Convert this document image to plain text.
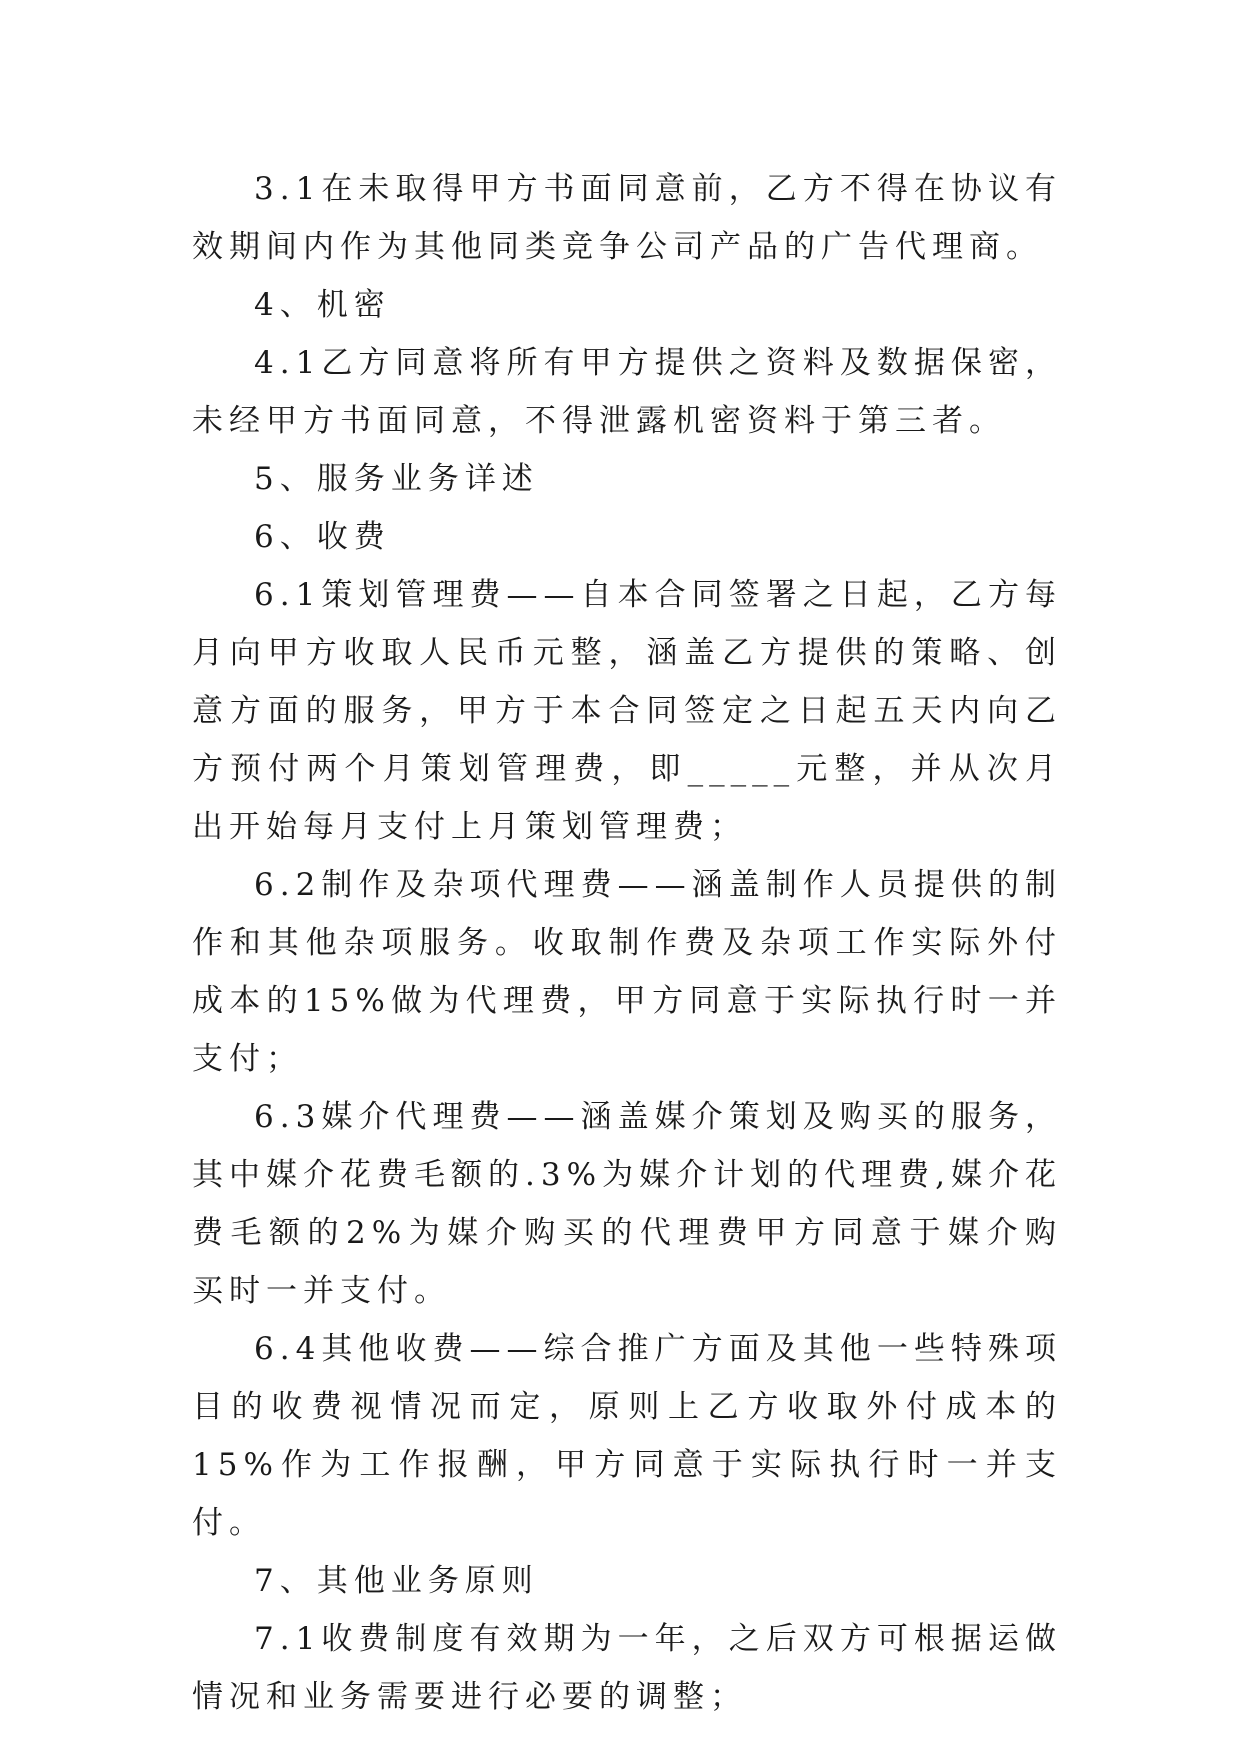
3.1在未取得甲方书面同意前，乙方不得在协议有效期间内作为其他同类竞争公司产品的广告代理商。

4、机密

4.1乙方同意将所有甲方提供之资料及数据保密，未经甲方书面同意，不得泄露机密资料于第三者。

5、服务业务详述

6、收费

6.1策划管理费——自本合同签署之日起，乙方每月向甲方收取人民币元整，涵盖乙方提供的策略、创意方面的服务，甲方于本合同签定之日起五天内向乙方预付两个月策划管理费，即_____元整，并从次月出开始每月支付上月策划管理费；

6.2制作及杂项代理费——涵盖制作人员提供的制作和其他杂项服务。收取制作费及杂项工作实际外付成本的15%做为代理费，甲方同意于实际执行时一并支付；

6.3媒介代理费——涵盖媒介策划及购买的服务，其中媒介花费毛额的.3%为媒介计划的代理费,媒介花费毛额的2%为媒介购买的代理费甲方同意于媒介购买时一并支付。

6.4其他收费——综合推广方面及其他一些特殊项目的收费视情况而定，原则上乙方收取外付成本的15%作为工作报酬，甲方同意于实际执行时一并支付。

7、其他业务原则

7.1收费制度有效期为一年，之后双方可根据运做情况和业务需要进行必要的调整；
